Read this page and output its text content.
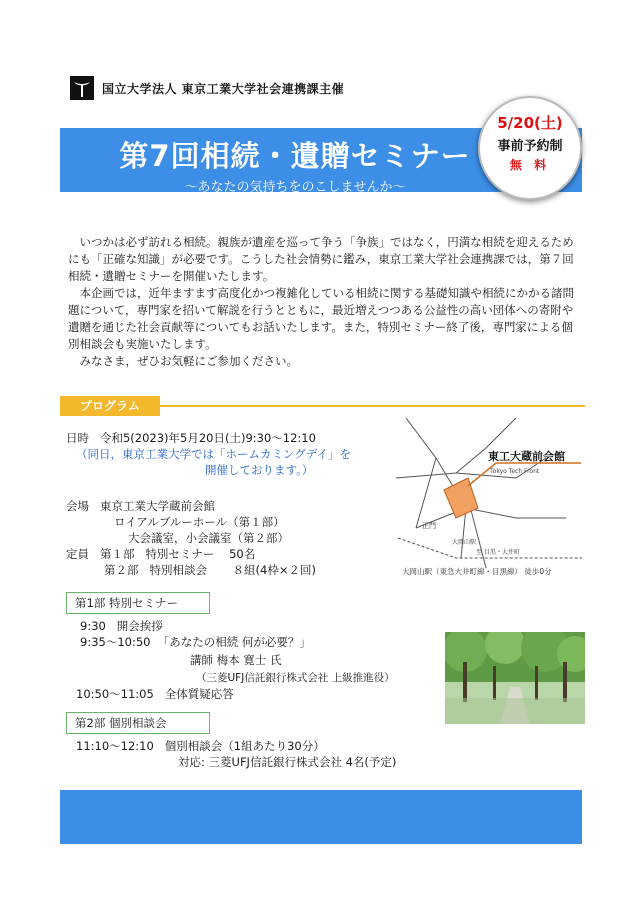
国立大学法人 東京工業大学社会連携課主催
第7回相続・遺贈セミナー
～あなたの気持ちをのこしませんか～
5/20(土)
事前予約制
無 料

いつかは必ず訪れる相続。親族が遺産を巡って争う「争族」ではなく，円満な相続を迎えるためにも「正確な知識」が必要です。こうした社会情勢に鑑み，東京工業大学社会連携課では，第７回相続・遺贈セミナーを開催いたします。

本企画では，近年ますます高度化かつ複雑化している相続に関する基礎知識や相続にかかる諸問題について，専門家を招いて解説を行うとともに，最近増えつつある公益性の高い団体への寄附や遺贈を通じた社会貢献等についてもお話いたします。また，特別セミナー終了後，専門家による個別相談会も実施いたします。

みなさま，ぜひお気軽にご参加ください。

プログラム
日時 令和5(2023)年5月20日(土)9:30～12:10
（同日，東京工業大学では「ホームカミングデイ」を
開催しております。）
会場 東京工業大学蔵前会館
ロイアルブルーホール（第１部）
大会議室，小会議室（第２部）
定員 第１部 特別セミナー 50名
第２部 特別相談会 ８組(4枠×２回)
東工大蔵前会館
Tokyo Tech Front
正門
大岡山駅
至 目黒・大井町
大岡山駅（東急大井町線・目黒線） 徒歩0分
第1部 特別セミナー
9:30 開会挨拶
9:35～10:50 「あなたの相続 何が必要？」
講師 梅本 寛士 氏
（三菱UFJ信託銀行株式会社 上級推進役）
10:50～11:05 全体質疑応答
第2部 個別相談会
11:10～12:10 個別相談会（1組あたり30分）
対応: 三菱UFJ信託銀行株式会社 4名(予定)
